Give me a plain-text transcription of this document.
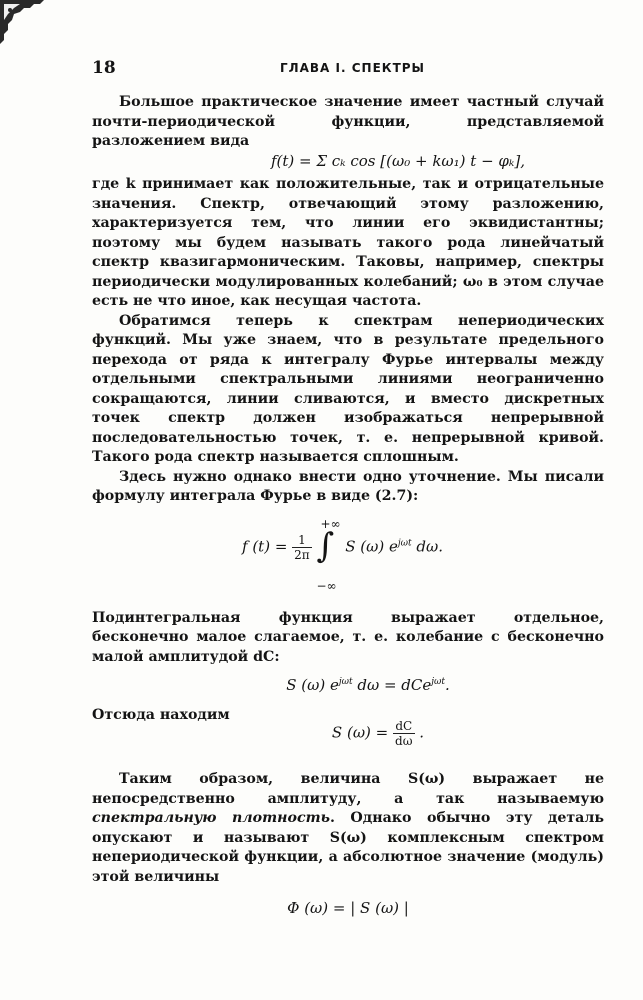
18	ГЛАВА I. СПЕКТРЫ

Большое практическое значение имеет частный случай почти-периодической функции, представляемой разложением вида

f(t) = Σ cₖ cos [(ω₀ + kω₁) t − φₖ],

где k принимает как положительные, так и отрицательные значения. Спектр, отвечающий этому разложению, характеризуется тем, что линии его эквидистантны; поэтому мы будем называть такого рода линейчатый спектр квазигармоническим. Таковы, например, спектры периодически модулированных колебаний; ω₀ в этом случае есть не что иное, как несущая частота.

Обратимся теперь к спектрам непериодических функций. Мы уже знаем, что в результате предельного перехода от ряда к интегралу Фурье интервалы между отдельными спектральными линиями неограниченно сокращаются, линии сливаются, и вместо дискретных точек спектр должен изображаться непрерывной последовательностью точек, т. е. непрерывной кривой. Такого рода спектр называется сплошным.

Здесь нужно однако внести одно уточнение. Мы писали формулу интеграла Фурье в виде (2.7):

f $(t) = \frac{1}{2\pi}$ ∫
+∞
−∞
S (ω) $e^{j\omega t}$ dω.

Подинтегральная функция выражает отдельное, бесконечно малое слагаемое, т. е. колебание с бесконечно малой амплитудой dC:

S (ω) $e^{j\omega t}$ dω = dCe$^{j\omega t}$.

Отсюда находим

S $(\omega) = \frac{dC}{d\omega}$ .

Таким образом, величина S(ω) выражает не непосредственно амплитуду, а так называемую спектральную плотность. Однако обычно эту деталь опускают и называют S(ω) комплексным спектром непериодической функции, а абсолютное значение (модуль) этой величины

Φ (ω) = | S (ω) |
